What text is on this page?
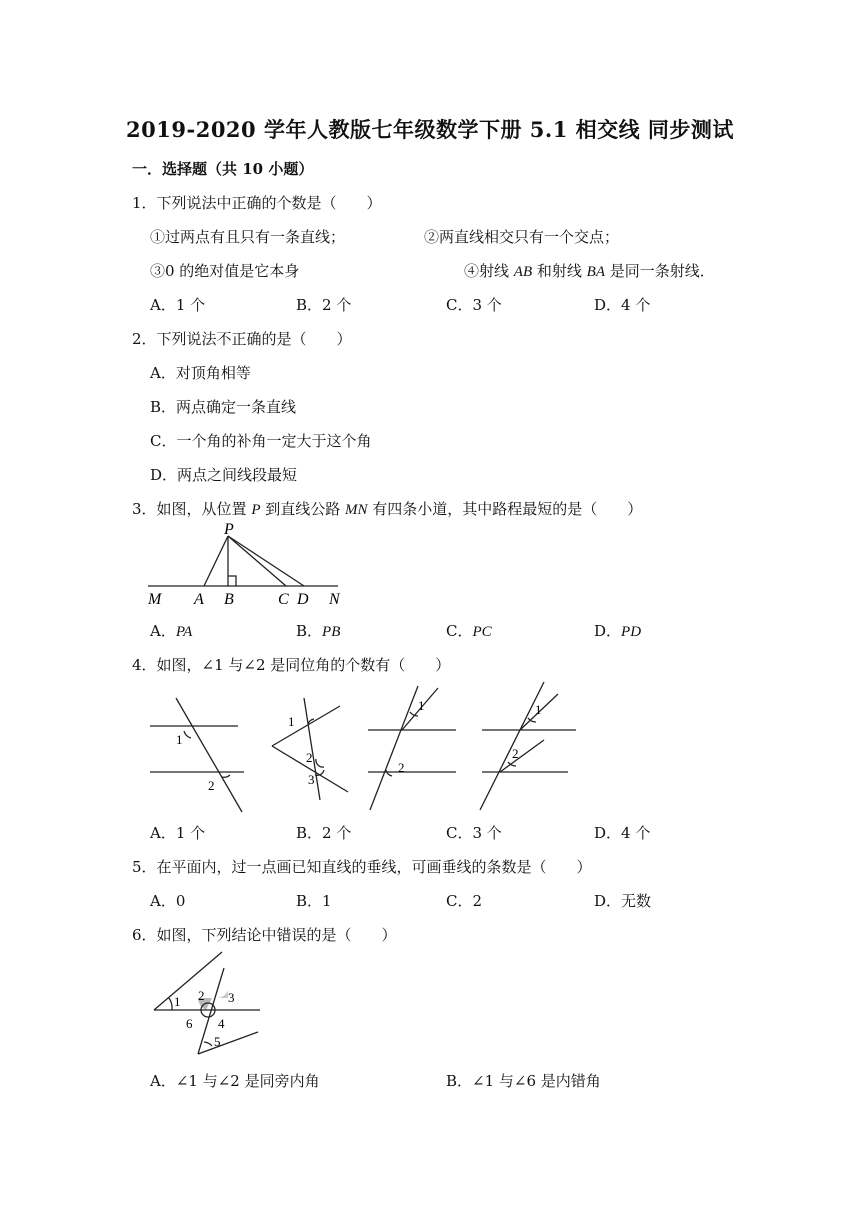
2019-2020 学年人教版七年级数学下册 5.1 相交线 同步测试
一．选择题（共 10 小题）
1．下列说法中正确的个数是（　　）
①过两点有且只有一条直线；	②两直线相交只有一个交点；
③0 的绝对值是它本身	④射线 AB 和射线 BA 是同一条射线．
A．1 个	B．2 个	C．3 个	D．4 个
2．下列说法不正确的是（　　）
A．对顶角相等
B．两点确定一条直线
C．一个角的补角一定大于这个角
D．两点之间线段最短
3．如图，从位置 P 到直线公路 MN 有四条小道，其中路程最短的是（　　）
P
M A B	C D N
A．PA	B．PB	C．PC	D．PD
4．如图，∠1 与∠2 是同位角的个数有（　　）
1
2
1
2
3
1
2
1
2
A．1 个	B．2 个	C．3 个	D．4 个
5．在平面内，过一点画已知直线的垂线，可画垂线的条数是（　　）
A．0	B．1	C．2	D．无数
6．如图，下列结论中错误的是（　　）
1 2 3
4
5
6
A．∠1 与∠2 是同旁内角	B．∠1 与∠6 是内错角
